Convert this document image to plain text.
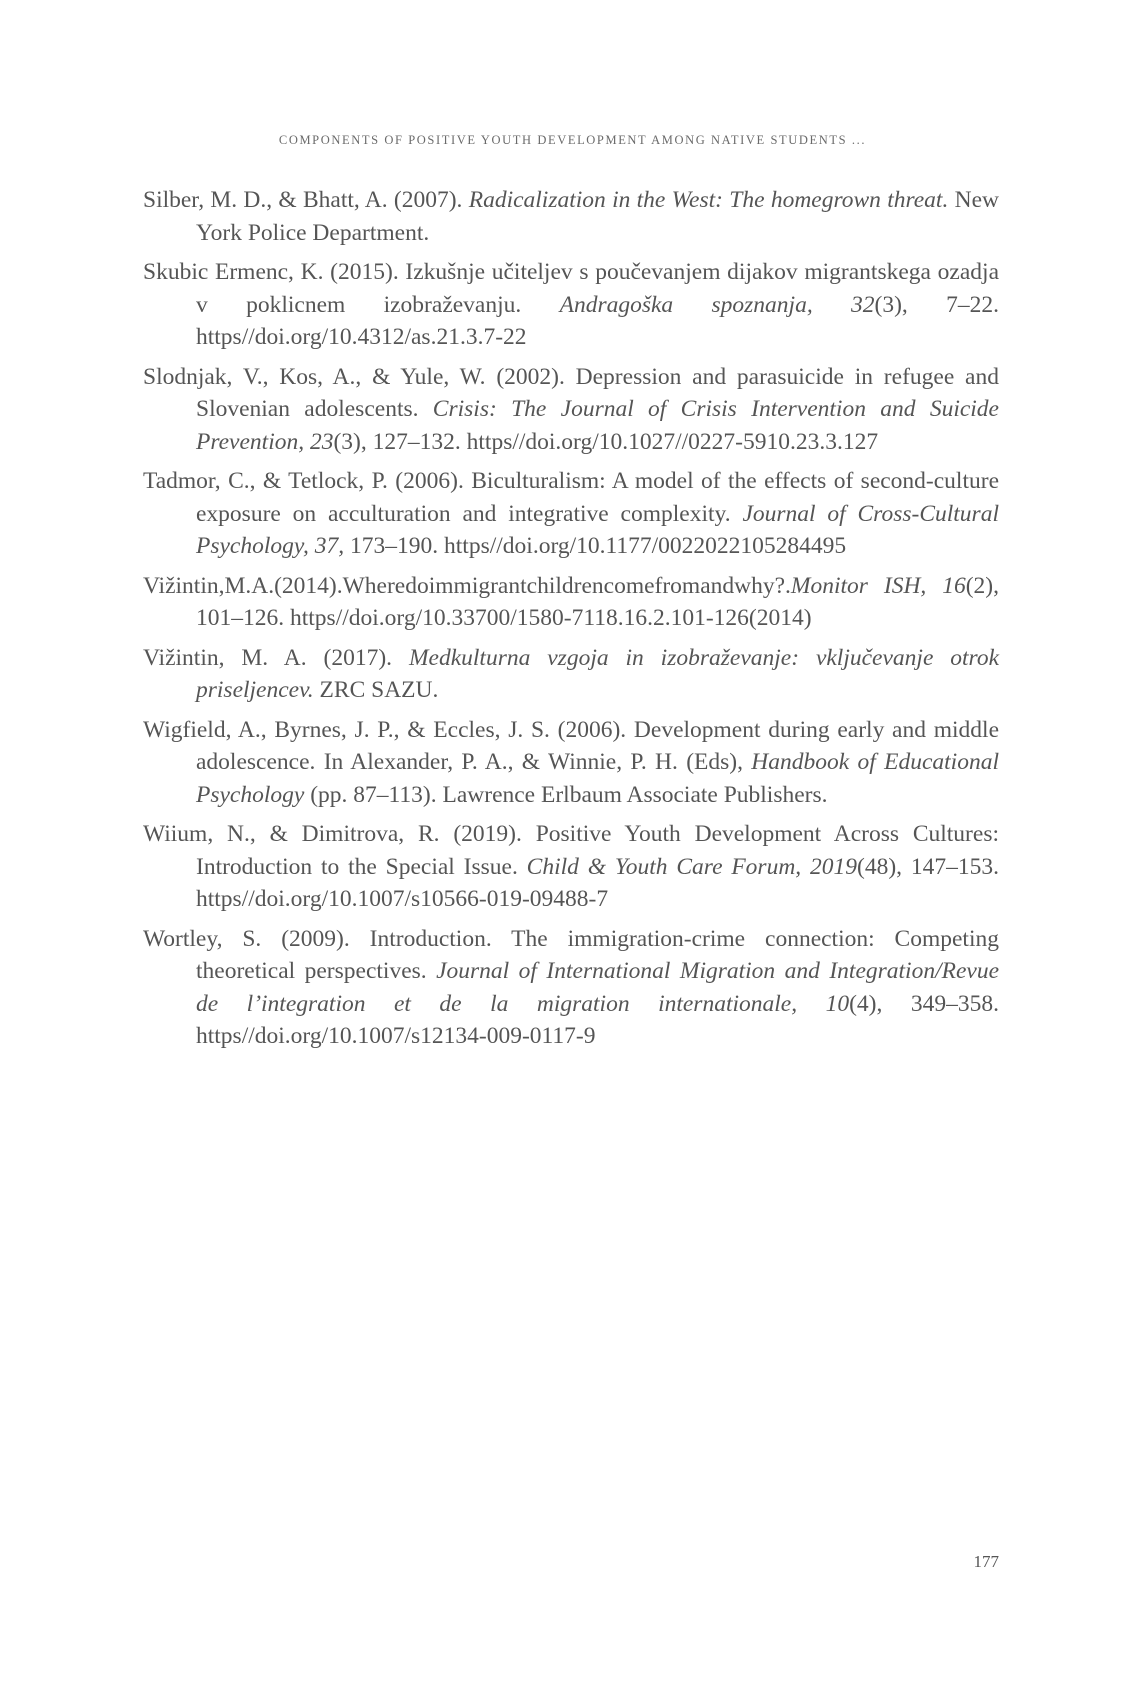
COMPONENTS OF POSITIVE YOUTH DEVELOPMENT AMONG NATIVE STUDENTS ...

Silber, M. D., & Bhatt, A. (2007). Radicalization in the West: The homegrown threat. New York Police Department.

Skubic Ermenc, K. (2015). Izkušnje učiteljev s poučevanjem dijakov migrantskega ozadja v poklicnem izobraževanju. Andragoška spoznanja, 32(3), 7–22. https//doi.org/10.4312/as.21.3.7-22

Slodnjak, V., Kos, A., & Yule, W. (2002). Depression and parasuicide in refugee and Slovenian adolescents. Crisis: The Journal of Crisis Intervention and Suicide Prevention, 23(3), 127–132. https//doi.org/10.1027//0227-5910.23.3.127

Tadmor, C., & Tetlock, P. (2006). Biculturalism: A model of the effects of second-culture exposure on acculturation and integrative complexity. Journal of Cross-Cultural Psychology, 37, 173–190. https//doi.org/10.1177/0022022105284495

Vižintin,M.A.(2014).Wheredoimmigrantchildrencomefromandwhy?.Monitor ISH, 16(2), 101–126. https//doi.org/10.33700/1580-7118.16.2.101-126(2014)

Vižintin, M. A. (2017). Medkulturna vzgoja in izobraževanje: vključevanje otrok priseljencev. ZRC SAZU.

Wigfield, A., Byrnes, J. P., & Eccles, J. S. (2006). Development during early and middle adolescence. In Alexander, P. A., & Winnie, P. H. (Eds), Handbook of Educational Psychology (pp. 87–113). Lawrence Erlbaum Associate Publishers.

Wiium, N., & Dimitrova, R. (2019). Positive Youth Development Across Cultures: Introduction to the Special Issue. Child & Youth Care Forum, 2019(48), 147–153. https//doi.org/10.1007/s10566-019-09488-7

Wortley, S. (2009). Introduction. The immigration-crime connection: Competing theoretical perspectives. Journal of International Migration and Integration/Revue de l’integration et de la migration internationale, 10(4), 349–358. https//doi.org/10.1007/s12134-009-0117-9

177
